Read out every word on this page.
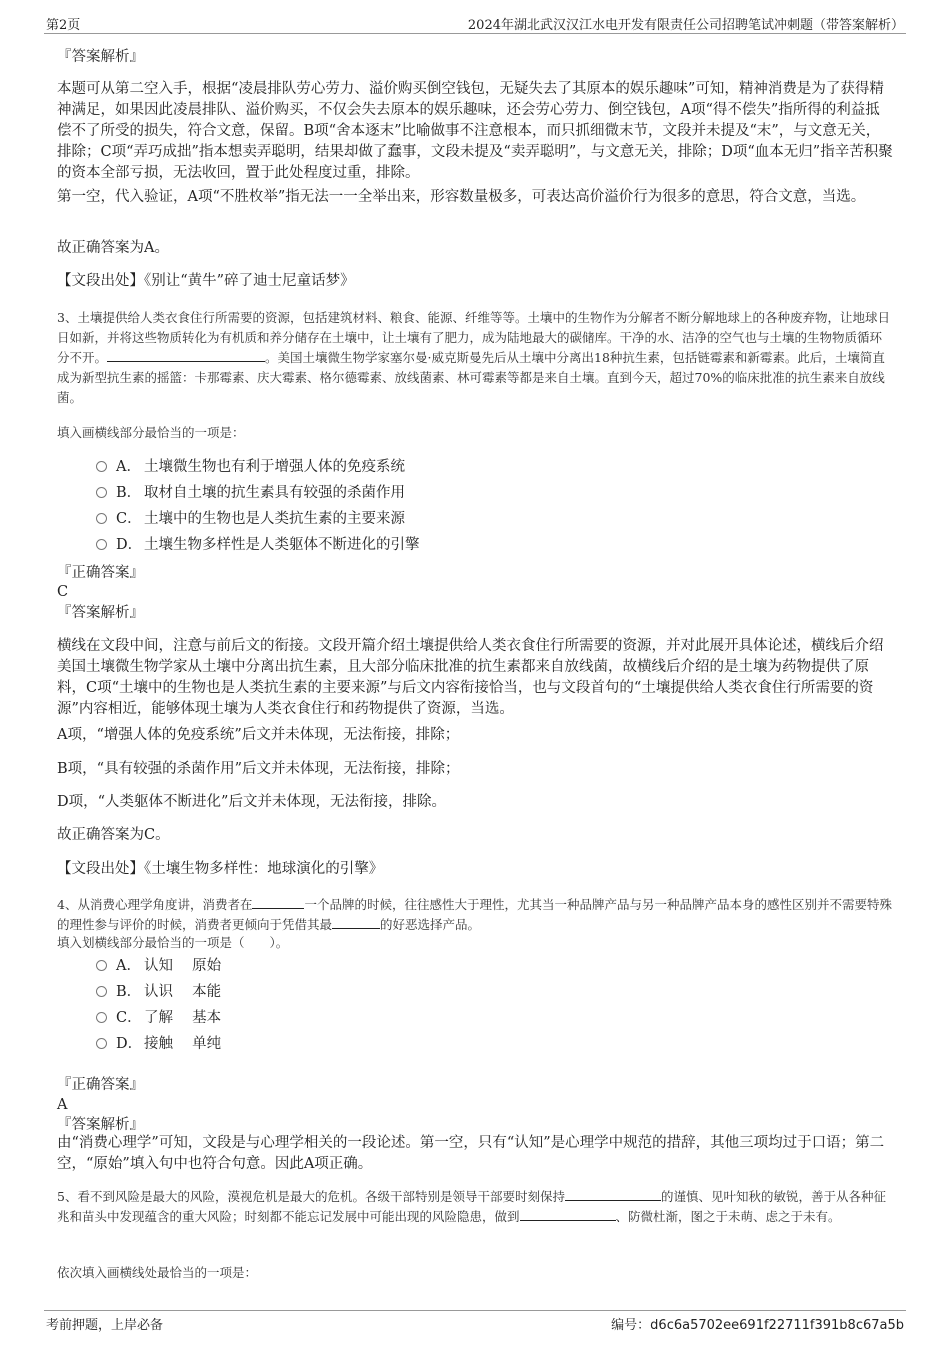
第2页	2024年湖北武汉汉江水电开发有限责任公司招聘笔试冲刺题（带答案解析）
『答案解析』

本题可从第二空入手，根据“凌晨排队劳心劳力、溢价购买倒空钱包，无疑失去了其原本的娱乐趣味”可知，精神消费是为了获得精神满足，如果因此凌晨排队、溢价购买，不仅会失去原本的娱乐趣味，还会劳心劳力、倒空钱包，A项“得不偿失”指所得的利益抵偿不了所受的损失，符合文意，保留。B项“舍本逐末”比喻做事不注意根本，而只抓细微末节，文段并未提及“末”，与文意无关，排除；C项“弄巧成拙”指本想卖弄聪明，结果却做了蠢事，文段未提及“卖弄聪明”，与文意无关，排除；D项“血本无归”指辛苦积聚的资本全部亏损，无法收回，置于此处程度过重，排除。

第一空，代入验证，A项“不胜枚举”指无法一一全举出来，形容数量极多，可表达高价溢价行为很多的意思，符合文意，当选。

故正确答案为A。
【文段出处】《别让“黄牛”碎了迪士尼童话梦》
3、土壤提供给人类衣食住行所需要的资源，包括建筑材料、粮食、能源、纤维等等。土壤中的生物作为分解者不断分解地球上的各种废弃物，让地球日日如新，并将这些物质转化为有机质和养分储存在土壤中，让土壤有了肥力，成为陆地最大的碳储库。干净的水、洁净的空气也与土壤的生物物质循环分不开。	。美国土壤微生物学家塞尔曼·威克斯曼先后从土壤中分离出18种抗生素，包括链霉素和新霉素。此后，土壤简直成为新型抗生素的摇篮：卡那霉素、庆大霉素、格尔德霉素、放线菌素、林可霉素等都是来自土壤。直到今天，超过70%的临床批准的抗生素来自放线菌。
填入画横线部分最恰当的一项是：
A． 土壤微生物也有利于增强人体的免疫系统
B． 取材自土壤的抗生素具有较强的杀菌作用
C． 土壤中的生物也是人类抗生素的主要来源
D． 土壤生物多样性是人类躯体不断进化的引擎
『正确答案』
C
『答案解析』

横线在文段中间，注意与前后文的衔接。文段开篇介绍土壤提供给人类衣食住行所需要的资源，并对此展开具体论述，横线后介绍美国土壤微生物学家从土壤中分离出抗生素，且大部分临床批准的抗生素都来自放线菌，故横线后介绍的是土壤为药物提供了原料，C项“土壤中的生物也是人类抗生素的主要来源”与后文内容衔接恰当，也与文段首句的“土壤提供给人类衣食住行所需要的资源”内容相近，能够体现土壤为人类衣食住行和药物提供了资源，当选。

A项，“增强人体的免疫系统”后文并未体现，无法衔接，排除；
B项，“具有较强的杀菌作用”后文并未体现，无法衔接，排除；
D项，“人类躯体不断进化”后文并未体现，无法衔接，排除。
故正确答案为C。
【文段出处】《土壤生物多样性：地球演化的引擎》
4、从消费心理学角度讲，消费者在	一个品牌的时候，往往感性大于理性，尤其当一种品牌产品与另一种品牌产品本身的感性区别并不需要特殊的理性参与评价的时候，消费者更倾向于凭借其最	的好恶选择产品。
填入划横线部分最恰当的一项是（　　）。
A． 认知　 原始
B． 认识　 本能
C． 了解　 基本
D． 接触　 单纯
『正确答案』
A
『答案解析』

由“消费心理学”可知，文段是与心理学相关的一段论述。第一空，只有“认知”是心理学中规范的措辞，其他三项均过于口语；第二空，“原始”填入句中也符合句意。因此A项正确。

5、看不到风险是最大的风险，漠视危机是最大的危机。各级干部特别是领导干部要时刻保持	的谨慎、见叶知秋的敏锐，善于从各种征兆和苗头中发现蕴含的重大风险；时刻都不能忘记发展中可能出现的风险隐患，做到	、防微杜渐，图之于未萌、虑之于未有。
依次填入画横线处最恰当的一项是：
考前押题，上岸必备	编号：d6c6a5702ee691f22711f391b8c67a5b
